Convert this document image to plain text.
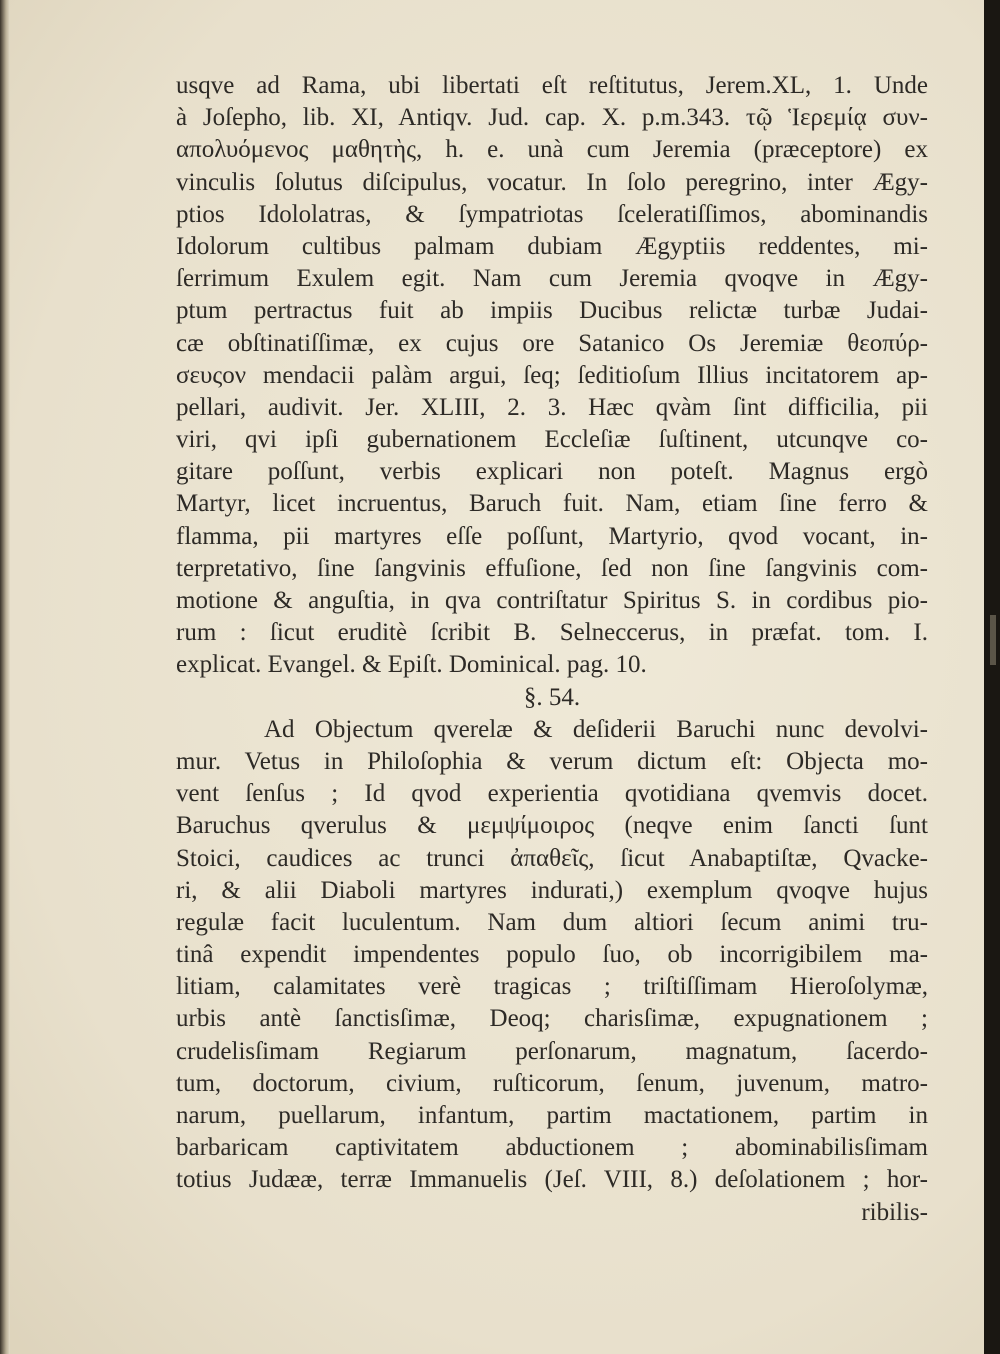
usqve ad Rama, ubi libertati eſt reſtitutus, Jerem.XL, 1. Unde
à Joſepho, lib. XI, Antiqv. Jud. cap. X. p.m.343. τῷ Ἱερεμίᾳ συν-
απολυόμενος μαθητὴς, h. e. unà cum Jeremia (præceptore) ex
vinculis ſolutus diſcipulus, vocatur. In ſolo peregrino, inter Ægy-
ptios Idololatras, & ſympatriotas ſceleratiſſimos, abominandis
Idolorum cultibus palmam dubiam Ægyptiis reddentes, mi-
ſerrimum Exulem egit. Nam cum Jeremia qvoqve in Ægy-
ptum pertractus fuit ab impiis Ducibus relictæ turbæ Judai-
cæ obſtinatiſſimæ, ex cujus ore Satanico Os Jeremiæ θεοπύρ-
σευςον mendacii palàm argui, ſeq; ſeditioſum Illius incitatorem ap-
pellari, audivit. Jer. XLIII, 2. 3. Hæc qvàm ſint difficilia, pii
viri, qvi ipſi gubernationem Eccleſiæ ſuſtinent, utcunqve co-
gitare poſſunt, verbis explicari non poteſt. Magnus ergò
Martyr, licet incruentus, Baruch fuit. Nam, etiam ſine ferro &
flamma, pii martyres eſſe poſſunt, Martyrio, qvod vocant, in-
terpretativo, ſine ſangvinis effuſione, ſed non ſine ſangvinis com-
motione & anguſtia, in qva contriſtatur Spiritus S. in cordibus pio-
rum : ſicut eruditè ſcribit B. Selneccerus, in præfat. tom. I.
explicat. Evangel. & Epiſt. Dominical. pag. 10.
§. 54.
Ad Objectum qverelæ & deſiderii Baruchi nunc devolvi-
mur. Vetus in Philoſophia & verum dictum eſt: Objecta mo-
vent ſenſus ; Id qvod experientia qvotidiana qvemvis docet.
Baruchus qverulus & μεμψίμοιρος (neqve enim ſancti ſunt
Stoici, caudices ac trunci ἀπαθεῖς, ſicut Anabaptiſtæ, Qvacke-
ri, & alii Diaboli martyres indurati,) exemplum qvoqve hujus
regulæ facit luculentum. Nam dum altiori ſecum animi tru-
tinâ expendit impendentes populo ſuo, ob incorrigibilem ma-
litiam, calamitates verè tragicas ; triſtiſſimam Hieroſolymæ,
urbis antè ſanctisſimæ, Deoq; charisſimæ, expugnationem ;
crudelisſimam Regiarum perſonarum, magnatum, ſacerdo-
tum, doctorum, civium, ruſticorum, ſenum, juvenum, matro-
narum, puellarum, infantum, partim mactationem, partim in
barbaricam captivitatem abductionem ; abominabilisſimam
totius Judææ, terræ Immanuelis (Jeſ. VIII, 8.) deſolationem ; hor-
ribilis-
